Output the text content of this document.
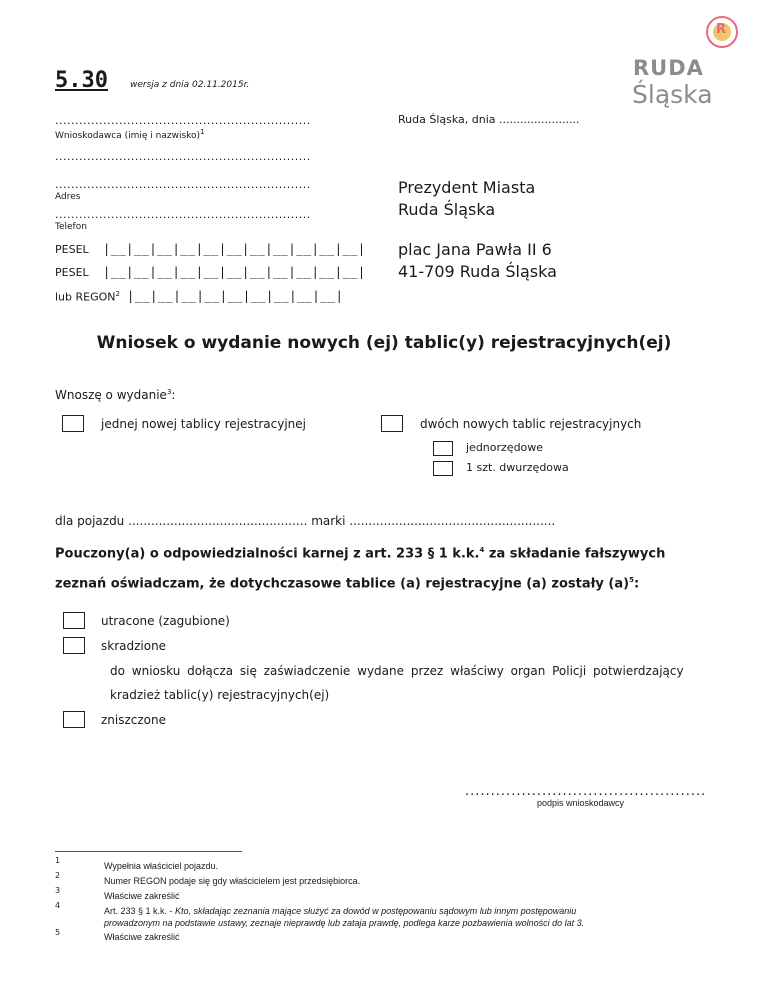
5.30 wersja z dnia 02.11.2015r.
R
RUDA
Śląska
................................................................
Wnioskodawca (imię i nazwisko)$^1$
................................................................
................................................................
Adres
................................................................
Telefon
PESEL |__|__|__|__|__|__|__|__|__|__|__|
PESEL |__|__|__|__|__|__|__|__|__|__|__|
lub REGON$^2$ |__|__|__|__|__|__|__|__|__|
Ruda Śląska, dnia .......................
Prezydent Miasta
Ruda Śląska
plac Jana Pawła II 6
41-709 Ruda Śląska
Wniosek o wydanie nowych (ej) tablic(y) rejestracyjnych(ej)
Wnoszę o wydanie$^3$:
jednej nowej tablicy rejestracyjnej	dwóch nowych tablic rejestracyjnych
jednorzędowe
1 szt. dwurzędowa
dla pojazdu ............................................... marki ......................................................
Pouczony(a) o odpowiedzialności karnej z art. 233 § 1 k.k.$^4$ za składanie fałszywych
zeznań oświadczam, że dotychczasowe tablice (a) rejestracyjne (a) zostały $(a)^5$:
utracone (zagubione)
skradzione
do wniosku dołącza się zaświadczenie wydane przez właściwy organ Policji potwierdzający
kradzież tablic(y) rejestracyjnych(ej)
zniszczone
...............................................
podpis wnioskodawcy
1
Wypełnia właściciel pojazdu.
2
Numer REGON podaje się gdy właścicielem jest przedsiębiorca.
3
Właściwe zakreślić
4
Art. 233 § 1 k.k. - Kto, składając zeznania mające służyć za dowód w postępowaniu sądowym lub innym postępowaniu
prowadzonym na podstawie ustawy, zeznaje nieprawdę lub zataja prawdę, podlega karze pozbawienia wolności do lat 3.
5	Właściwe zakreślić
